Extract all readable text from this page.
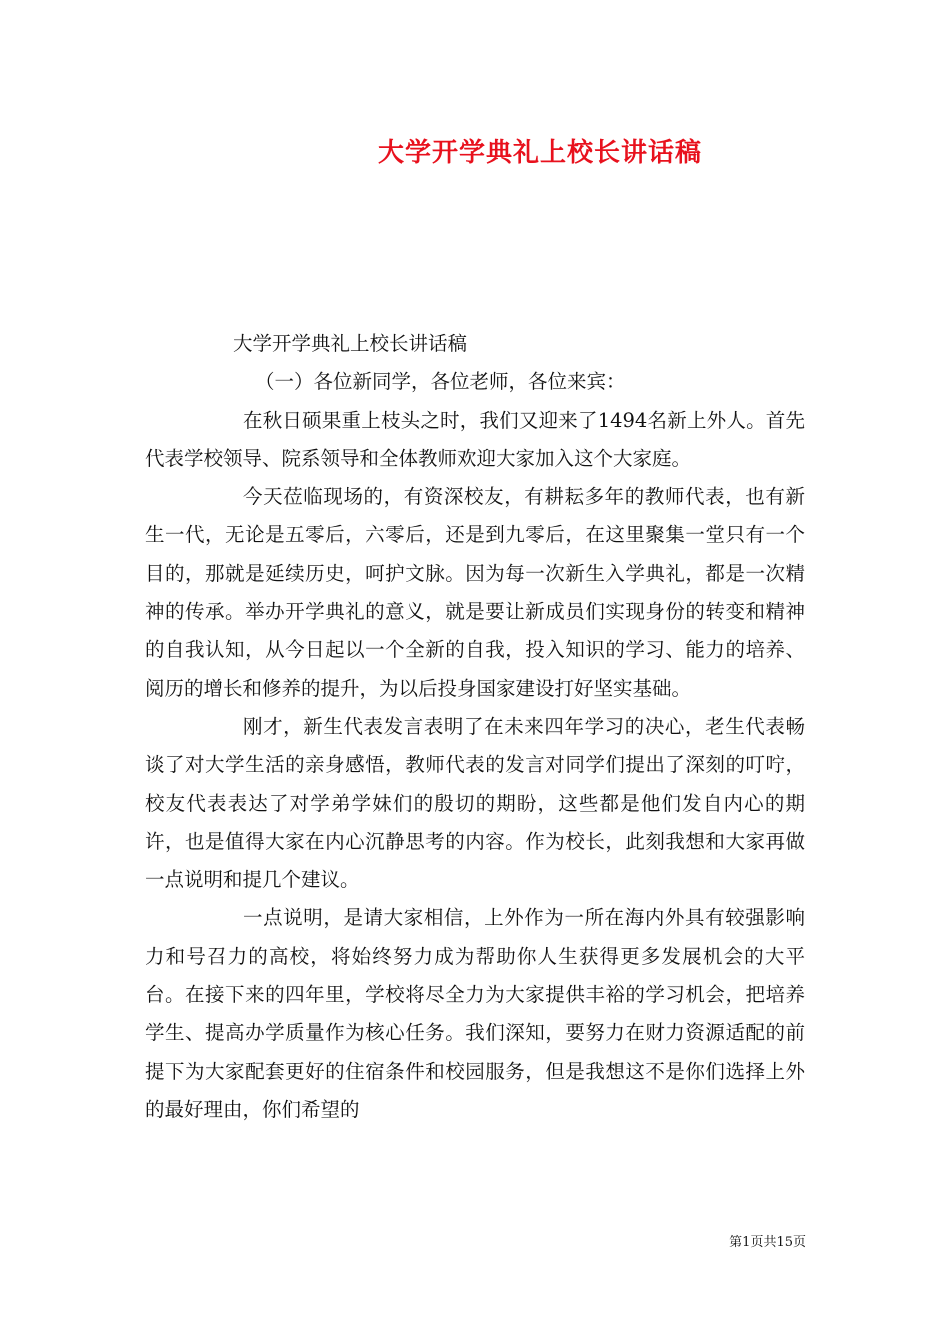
大学开学典礼上校长讲话稿

大学开学典礼上校长讲话稿

（一）各位新同学，各位老师，各位来宾：

在秋日硕果重上枝头之时，我们又迎来了1494名新上外人。首先代表学校领导、院系领导和全体教师欢迎大家加入这个大家庭。

今天莅临现场的，有资深校友，有耕耘多年的教师代表，也有新生一代，无论是五零后，六零后，还是到九零后，在这里聚集一堂只有一个目的，那就是延续历史，呵护文脉。因为每一次新生入学典礼，都是一次精神的传承。举办开学典礼的意义，就是要让新成员们实现身份的转变和精神的自我认知，从今日起以一个全新的自我，投入知识的学习、能力的培养、阅历的增长和修养的提升，为以后投身国家建设打好坚实基础。

刚才，新生代表发言表明了在未来四年学习的决心，老生代表畅谈了对大学生活的亲身感悟，教师代表的发言对同学们提出了深刻的叮咛，校友代表表达了对学弟学妹们的殷切的期盼，这些都是他们发自内心的期许，也是值得大家在内心沉静思考的内容。作为校长，此刻我想和大家再做一点说明和提几个建议。

一点说明，是请大家相信，上外作为一所在海内外具有较强影响力和号召力的高校，将始终努力成为帮助你人生获得更多发展机会的大平台。在接下来的四年里，学校将尽全力为大家提供丰裕的学习机会，把培养学生、提高办学质量作为核心任务。我们深知，要努力在财力资源适配的前提下为大家配套更好的住宿条件和校园服务，但是我想这不是你们选择上外的最好理由，你们希望的

第1页共15页
